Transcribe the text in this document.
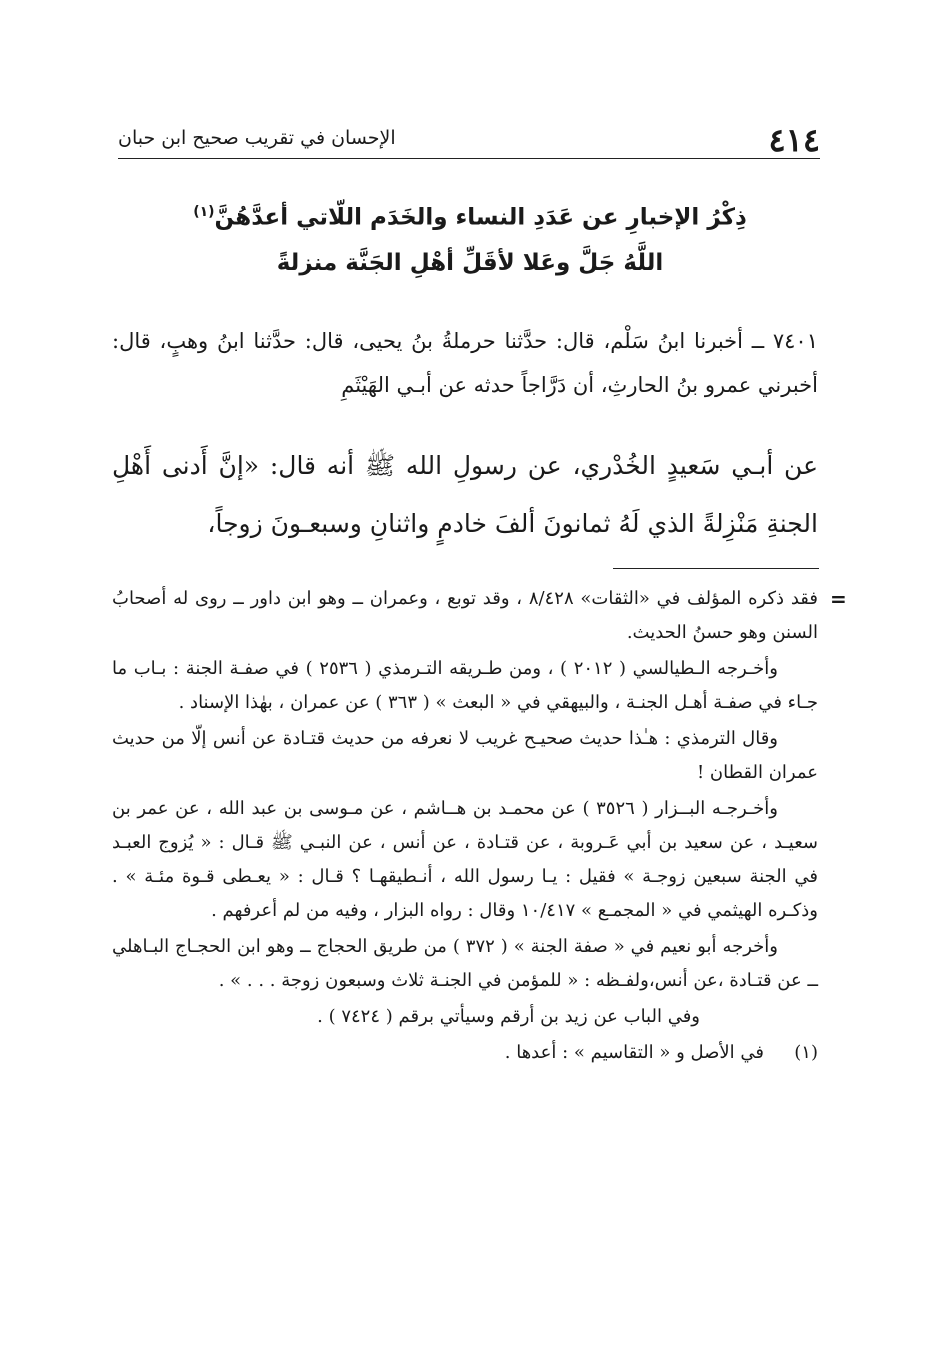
٤١٤
الإحسان في تقريب صحيح ابن حبان
ذِكْرُ الإخبارِ عن عَدَدِ النساء والخَدَم اللّاتي أعدَّهُنَّ$^{(١)}$
اللَّهُ جَلَّ وعَلا لأقَلِّ أهْلِ الجَنَّة منزلةً

٧٤٠١ ــ أخبرنا ابنُ سَلْم، قال: حدَّثنا حرملةُ بنُ يحيى، قال: حدَّثنا ابنُ وهبٍ، قال: أخبرني عمرو بنُ الحارثِ، أن دَرَّاجاً حدثه عن أبـي الهَيْثَمِ

عن أبـي سَعيدٍ الخُدْري، عن رسولِ الله ﷺ أنه قال: «إنَّ أَدنى أَهْلِ الجنةِ مَنْزِلةً الذي لَهُ ثمانونَ ألفَ خادمٍ واثنانِ وسبعـونَ زوجاً،

=

فقد ذكره المؤلف في «الثقات» ٨/٤٢٨ ، وقد توبع ، وعمران ــ وهو ابن داور ــ روى له أصحابُ السنن وهو حسنُ الحديث.

وأخـرجه الـطيالسي ( ٢٠١٢ ) ، ومن طـريقه التـرمذي ( ٢٥٣٦ ) في صفـة الجنة : بـاب ما جـاء في صفـة أهـل الجنـة ، والبيهقي في « البعث » ( ٣٦٣ ) عن عمران ، بهٰذا الإسناد .

وقال الترمذي : هـٰذا حديث صحيـح غريب لا نعرفه من حديث قتـادة عن أنس إلّا من حديث عمران القطان !

وأخـرجـه البــزار ( ٣٥٢٦ ) عن محمـد بن هــاشم ، عن مـوسى بن عبد الله ، عن عمر بن سعيـد ، عن سعيد بن أبي عَـروبة ، عن قتـادة ، عن أنس ، عن النبـي ﷺ قـال : « يُزوج العبـد في الجنة سبعين زوجـة » فقيل : يـا رسول الله ، أنـطيقهـا ؟ قـال : « يعـطى قـوة مئـة » . وذكـره الهيثمي في « المجمـع » ١٠/٤١٧ وقال : رواه البزار ، وفيه من لم أعرفهم .

وأخرجه أبو نعيم في « صفة الجنة » ( ٣٧٢ ) من طريق الحجاج ــ وهو ابن الحجـاج البـاهلي ــ عن قتـادة ،عن أنس،ولفـظه : « للمؤمن في الجنـة ثلاث وسبعون زوجة . . . » .

وفي الباب عن زيد بن أرقم وسيأتي برقم ( ٧٤٢٤ ) .

(١)
في الأصل و « التقاسيم » : أعدها .
